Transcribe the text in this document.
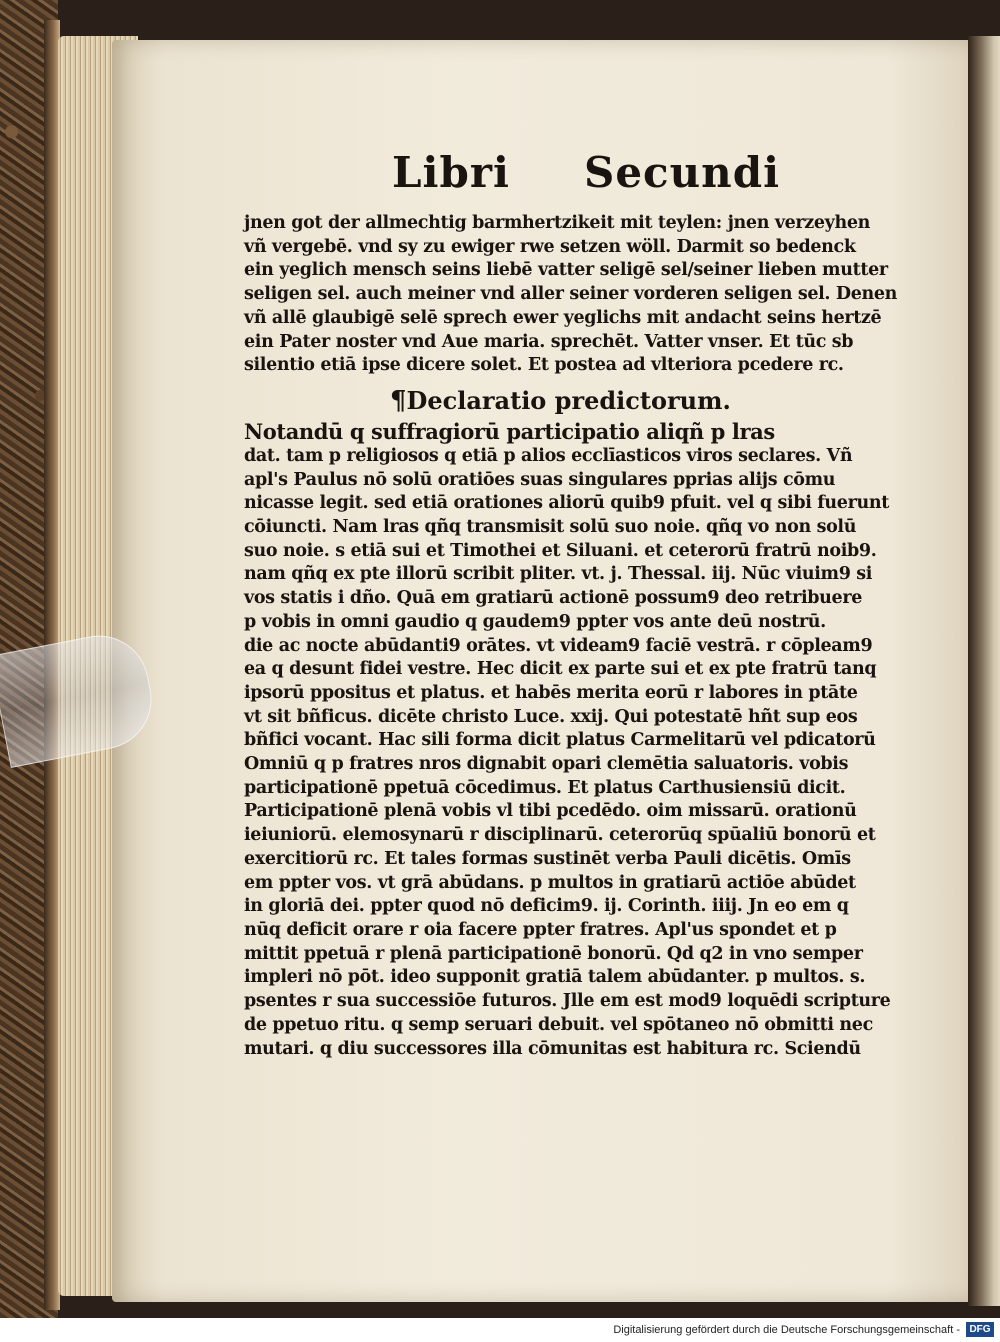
Libri Secundi
jnen got der allmechtig barmhertzikeit mit teylen: jnen verzeyhen
vñ vergebē. vnd sy zu ewiger rwe setzen wöll. Darmit so bedenck
ein yeglich mensch seins liebē vatter seligē sel/seiner lieben mutter
seligen sel. auch meiner vnd aller seiner vorderen seligen sel. Denen
vñ allē glaubigē selē sprech ewer yeglichs mit andacht seins hertzē
ein Pater noster vnd Aue maria. sprechēt. Vatter vnser. Et tūc sb
silentio etiā ipse dicere solet. Et postea ad vlteriora pcedere rc.
¶Declaratio predictorum.
Notandū q suffragiorū participatio aliqñ p lras
dat. tam p religiosos q etiā p alios ecclīasticos viros seclares. Vñ
apl's Paulus nō solū oratiōes suas singulares pprias alijs cōmu
nicasse legit. sed etiā orationes aliorū quib9 pfuit. vel q sibi fuerunt
cōiuncti. Nam lras qñq transmisit solū suo noie. qñq vo non solū
suo noie. s etiā sui et Timothei et Siluani. et ceterorū fratrū noib9.
nam qñq ex pte illorū scribit pliter. vt. j. Thessal. iij. Nūc viuim9 si
vos statis i dño. Quā em gratiarū actionē possum9 deo retribuere
p vobis in omni gaudio q gaudem9 ppter vos ante deū nostrū.
die ac nocte abūdanti9 orātes. vt videam9 faciē vestrā. r cōpleam9
ea q desunt fidei vestre. Hec dicit ex parte sui et ex pte fratrū tanq
ipsorū ppositus et platus. et habēs merita eorū r labores in ptāte
vt sit bñficus. dicēte christo Luce. xxij. Qui potestatē hñt sup eos
bñfici vocant. Hac sili forma dicit platus Carmelitarū vel pdicatorū
Omniū q p fratres nros dignabit opari clemētia saluatoris. vobis
participationē ppetuā cōcedimus. Et platus Carthusiensiū dicit.
Participationē plenā vobis vl tibi pcedēdo. oim missarū. orationū
ieiuniorū. elemosynarū r disciplinarū. ceterorūq spūaliū bonorū et
exercitiorū rc. Et tales formas sustinēt verba Pauli dicētis. Omīs
em ppter vos. vt grā abūdans. p multos in gratiarū actiōe abūdet
in gloriā dei. ppter quod nō deficim9. ij. Corinth. iiij. Jn eo em q
nūq deficit orare r oia facere ppter fratres. Apl'us spondet et p
mittit ppetuā r plenā participationē bonorū. Qd q2 in vno semper
impleri nō pōt. ideo supponit gratiā talem abūdanter. p multos. s.
psentes r sua successiōe futuros. Jlle em est mod9 loquēdi scripture
de ppetuo ritu. q semp seruari debuit. vel spōtaneo nō obmitti nec
mutari. q diu successores illa cōmunitas est habitura rc. Sciendū
Digitalisierung gefördert durch die Deutsche Forschungsgemeinschaft - DFG
